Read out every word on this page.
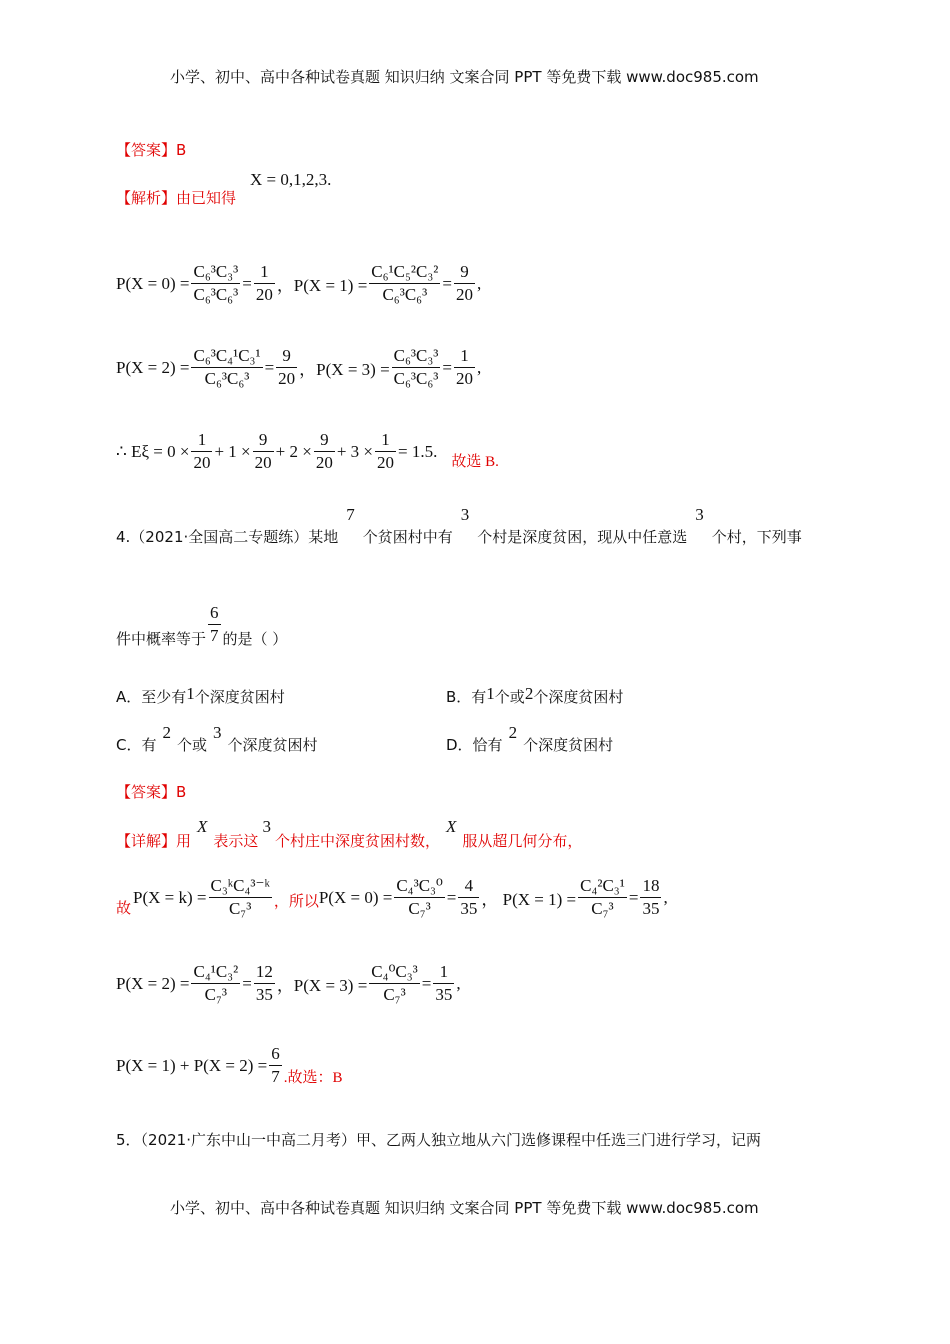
小学、初中、高中各种试卷真题 知识归纳 文案合同 PPT 等免费下载 www.doc985.com
【答案】B
【解析】由已知得
X = 0,1,2,3.
$P(X = 0) = \frac{\text{C₆³C₃³}}{\text{C₆³C₆³}} = \frac{1}{20}$ ，$P(X = 1) = \frac{\text{C₆¹C₅²C₃²}}{\text{C₆³C₆³}} = \frac{9}{20}$ ,
$P(X = 2) = \frac{\text{C₆³C₄¹C₃¹}}{\text{C₆³C₆³}} = \frac{9}{20}$ ，$P(X = 3) = \frac{\text{C₆³C₃³}}{\text{C₆³C₆³}} = \frac{1}{20}$ ,
∴ $E\xi = 0 \times \frac{1}{20} + 1 \times \frac{9}{20} + 2 \times \frac{9}{20} + 3 \times \frac{1}{20} = 1.5$.
故选 B.
4.（2021·全国高二专题练）某地7个贫困村中有3个村是深度贫困，现从中任意选3个村，下列事
件中概率等于 $\frac{6}{7}$ 的是（ ）
A．至少有1个深度贫困村	B．有1个或2个深度贫困村
C．有2个或3个深度贫困村	D．恰有2个深度贫困村
【答案】B
【详解】用X表示这3个村庄中深度贫困村数，X服从超几何分布，
故
$P(X = k) = \frac{\text{C₃ᵏC₄³⁻ᵏ}}{\text{C₇³}}$ ，所以 $P(X = 0) = \frac{\text{C₄³C₃⁰}}{\text{C₇³}} = \frac{4}{35}$ ， $P(X = 1) = \frac{\text{C₄²C₃¹}}{\text{C₇³}} = \frac{18}{35}$ ,
$P(X = 2) = \frac{\text{C₄¹C₃²}}{\text{C₇³}} = \frac{12}{35}$ ，$P(X = 3) = \frac{\text{C₄⁰C₃³}}{\text{C₇³}} = \frac{1}{35}$ ,
$P(X = 1) + P(X = 2) = \frac{6}{7}$ .故选：B
5．（2021·广东中山一中高二月考）甲、乙两人独立地从六门选修课程中任选三门进行学习，记两
小学、初中、高中各种试卷真题 知识归纳 文案合同 PPT 等免费下载 www.doc985.com
